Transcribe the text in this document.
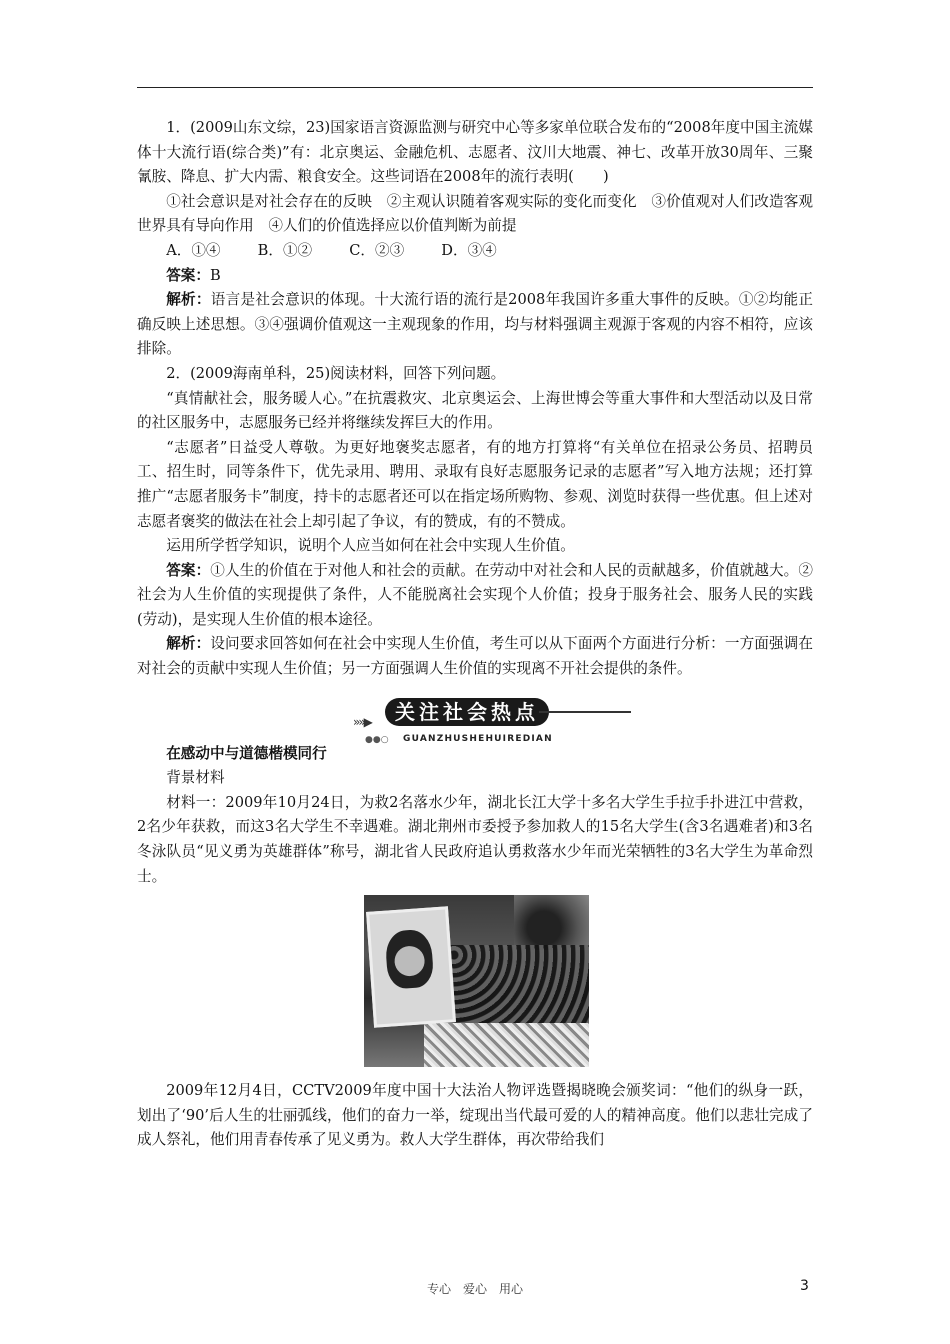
1．(2009山东文综，23)国家语言资源监测与研究中心等多家单位联合发布的“2008年度中国主流媒体十大流行语(综合类)”有：北京奥运、金融危机、志愿者、汶川大地震、神七、改革开放30周年、三聚氰胺、降息、扩大内需、粮食安全。这些词语在2008年的流行表明(　　)

①社会意识是对社会存在的反映　②主观认识随着客观实际的变化而变化　③价值观对人们改造客观世界具有导向作用　④人们的价值选择应以价值判断为前提

A．①④        B．①②        C．②③        D．③④

答案：B

解析：语言是社会意识的体现。十大流行语的流行是2008年我国许多重大事件的反映。①②均能正确反映上述思想。③④强调价值观这一主观现象的作用，均与材料强调主观源于客观的内容不相符，应该排除。

2．(2009海南单科，25)阅读材料，回答下列问题。

“真情献社会，服务暖人心。”在抗震救灾、北京奥运会、上海世博会等重大事件和大型活动以及日常的社区服务中，志愿服务已经并将继续发挥巨大的作用。

“志愿者”日益受人尊敬。为更好地褒奖志愿者，有的地方打算将“有关单位在招录公务员、招聘员工、招生时，同等条件下，优先录用、聘用、录取有良好志愿服务记录的志愿者”写入地方法规；还打算推广“志愿者服务卡”制度，持卡的志愿者还可以在指定场所购物、参观、浏览时获得一些优惠。但上述对志愿者褒奖的做法在社会上却引起了争议，有的赞成，有的不赞成。

运用所学哲学知识，说明个人应当如何在社会中实现人生价值。

答案：①人生的价值在于对他人和社会的贡献。在劳动中对社会和人民的贡献越多，价值就越大。②社会为人生价值的实现提供了条件，人不能脱离社会实现个人价值；投身于服务社会、服务人民的实践(劳动)，是实现人生价值的根本途径。

解析：设问要求回答如何在社会中实现人生价值，考生可以从下面两个方面进行分析：一方面强调在对社会的贡献中实现人生价值；另一方面强调人生价值的实现离不开社会提供的条件。

»»▶	关注社会热点
●●○ GUANZHUSHEHUIREDIAN

在感动中与道德楷模同行

背景材料

材料一：2009年10月24日，为救2名落水少年，湖北长江大学十多名大学生手拉手扑进江中营救，2名少年获救，而这3名大学生不幸遇难。湖北荆州市委授予参加救人的15名大学生(含3名遇难者)和3名冬泳队员“见义勇为英雄群体”称号，湖北省人民政府追认勇救落水少年而光荣牺牲的3名大学生为革命烈士。

2009年12月4日，CCTV2009年度中国十大法治人物评选暨揭晓晚会颁奖词：“他们的纵身一跃，划出了‘90’后人生的壮丽弧线，他们的奋力一举，绽现出当代最可爱的人的精神高度。他们以悲壮完成了成人祭礼，他们用青春传承了见义勇为。救人大学生群体，再次带给我们

专心　爱心　用心	3
